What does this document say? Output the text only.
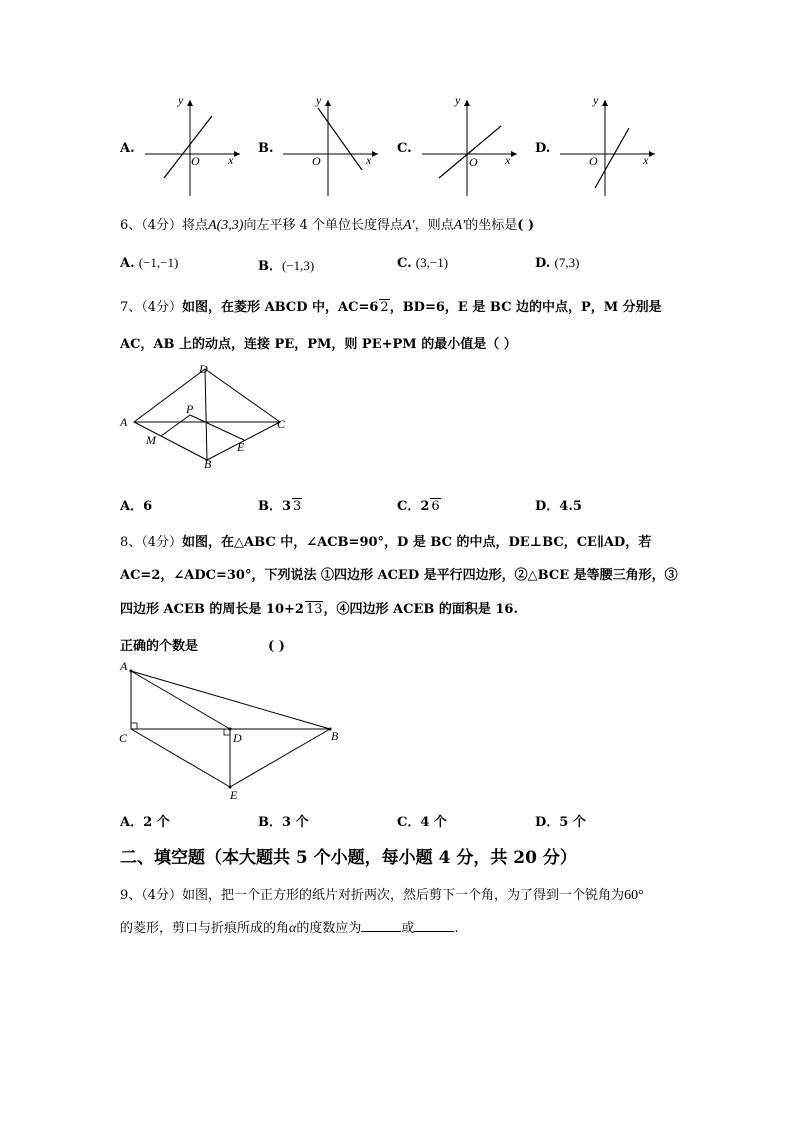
A.
y
x
O
B.
y
x
O
C.
y
x
O
D.
y
x
O
6、（4分）将点A(3,3)向左平移 4 个单位长度得点A′，则点A′的坐标是( )
A. (−1,−1)	B．(−1,3)	C. (3,−1)	D. (7,3)
7、（4分）如图，在菱形 ABCD 中，AC=6 2，BD=6，E 是 BC 边的中点，P，M 分别是
AC，AB 上的动点，连接 PE，PM，则 PE+PM 的最小值是（ ）
D
A	C
B
P
M	E
A．6	B．3 3	C．2 6	D．4.5
8、（4分）如图，在△ABC 中，∠ACB=90°，D 是 BC 的中点，DE⊥BC，CE∥AD，若
AC=2，∠ADC=30°，下列说法 ①四边形 ACED 是平行四边形，②△BCE 是等腰三角形，③
四边形 ACEB 的周长是 10+2 13，④四边形 ACEB 的面积是 16.
正确的个数是	( )
A
C	D	B
E
A．2 个	B．3 个	C．4 个	D．5 个
二、填空题（本大题共 5 个小题，每小题 4 分，共 20 分）
9、（4分）如图，把一个正方形的纸片对折两次，然后剪下一个角，为了得到一个锐角为60°
的菱形，剪口与折痕所成的角α的度数应为	或	.
